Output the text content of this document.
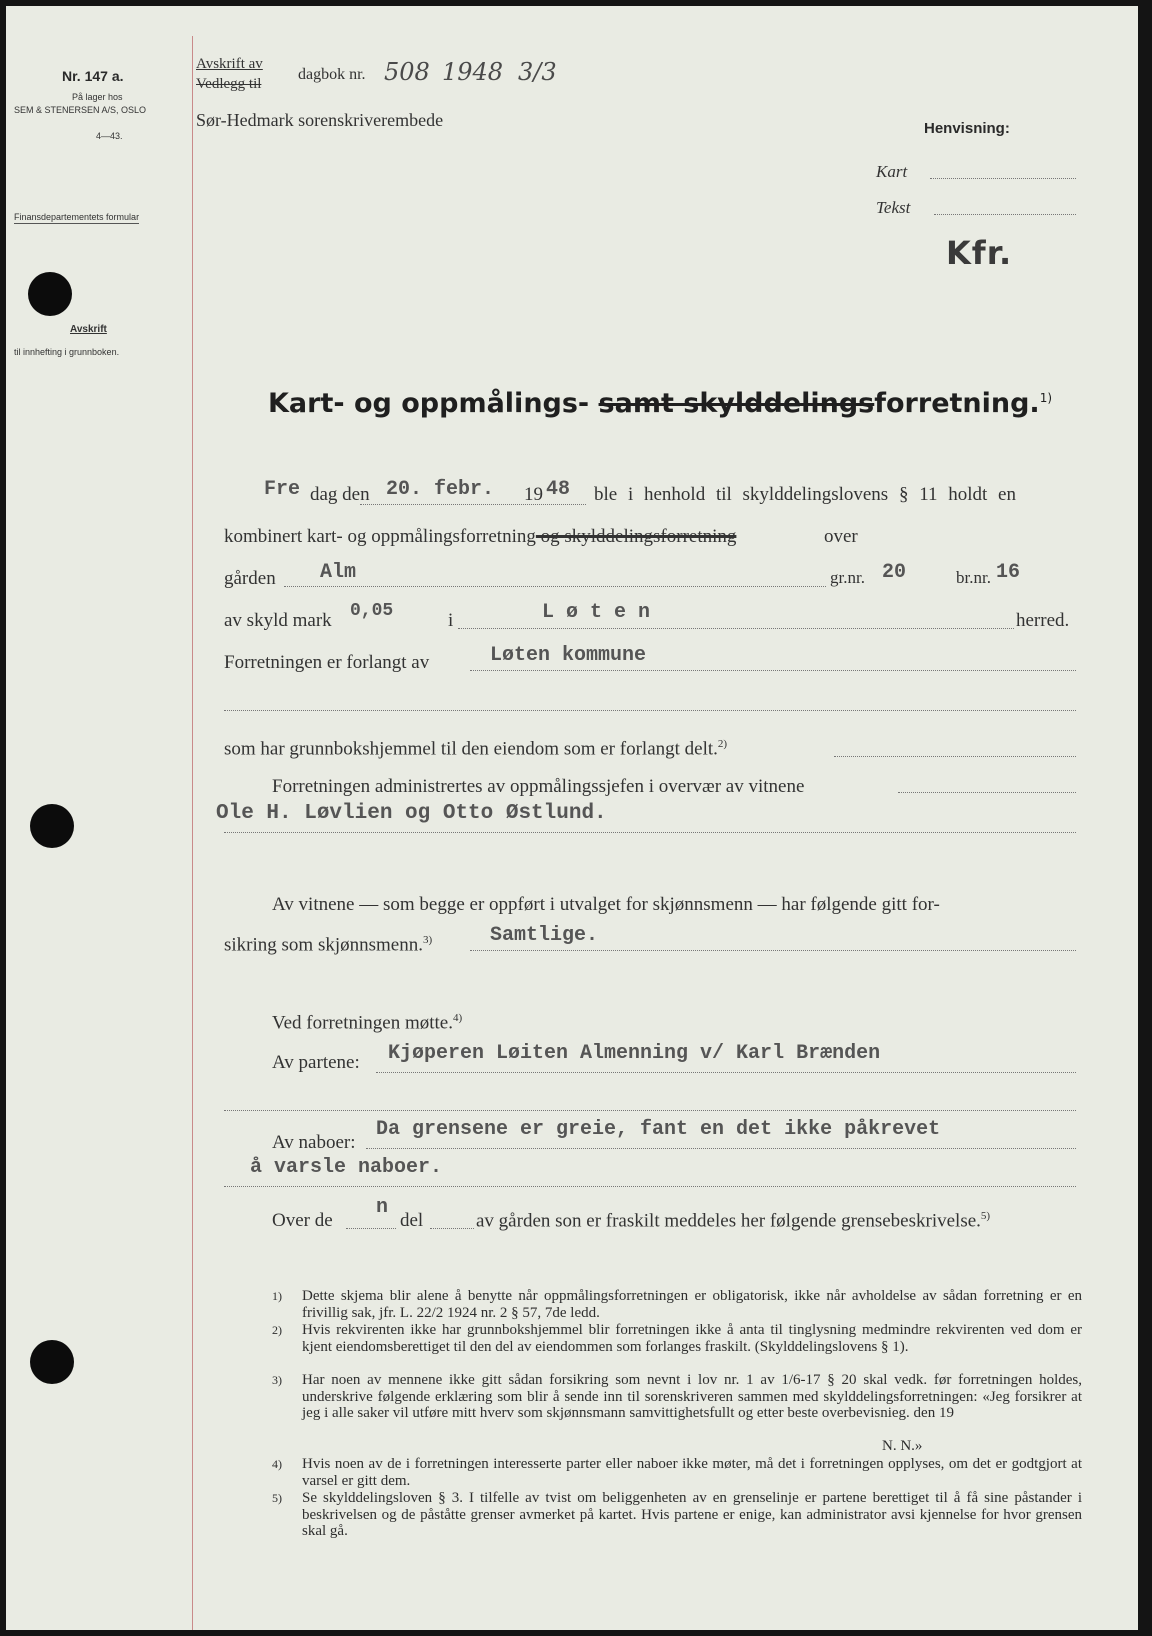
Nr. 147 a.
På lager hos
SEM & STENERSEN A/S, OSLO
4—43.
Finansdepartementets formular
Avskrift
til innhefting i grunnboken.
Avskrift av
Vedlegg til
dagbok nr. 508 1948 3/3
Sør-Hedmark sorenskriverembede	Henvisning:
Kart
Tekst
Kfr.
Kart- og oppmålings- samt skylddelingsforretning.$^{1)}$
Fre dag den 20. febr. 19 48 ble i henhold til skylddelingslovens § 11 holdt en
kombinert kart- og oppmålingsforretning og skylddelingsforretning	over
gården Alm	gr.nr. 20	br.nr. 16
av skyld mark 0,05	i	L ø t e n	herred.
Forretningen er forlangt av	Løten kommune
som har grunnbokshjemmel til den eiendom som er forlangt delt.$^{2)}$
Forretningen administrertes av oppmålingssjefen i overvær av vitnene
Ole H. Løvlien og Otto Østlund.
Av vitnene — som begge er oppført i utvalget for skjønnsmenn — har følgende gitt for-
sikring som skjønnsmenn.$^{3)}$	Samtlige.
Ved forretningen møtte.$^{4)}$
Av partene: Kjøperen Løiten Almenning v/ Karl Brænden
Av naboer:
Da grensene er greie, fant en det ikke påkrevet
å varsle naboer.
Over de
n
del	av gården son er fraskilt meddeles her følgende grensebeskrivelse.$^{5)}$
1) Dette skjema blir alene å benytte når oppmålingsforretningen er obligatorisk, ikke når avholdelse av sådan forretning er en frivillig sak, jfr. L. 22/2 1924 nr. 2 § 57, 7de ledd.
2) Hvis rekvirenten ikke har grunnbokshjemmel blir forretningen ikke å anta til tinglysning medmindre rekvirenten ved dom er kjent eiendomsberettiget til den del av eiendommen som forlanges fraskilt. (Skylddelingslovens § 1).
3) Har noen av mennene ikke gitt sådan forsikring som nevnt i lov nr. 1 av 1/6-17 § 20 skal vedk. før forretningen holdes, underskrive følgende erklæring som blir å sende inn til sorenskriveren sammen med skylddelingsforretningen: «Jeg forsikrer at jeg i alle saker vil utføre mitt hverv som skjønnsmann samvittighetsfullt og etter beste overbevisnieg. den 19
N. N.»
4) Hvis noen av de i forretningen interesserte parter eller naboer ikke møter, må det i forretningen opplyses, om det er godtgjort at varsel er gitt dem.
5) Se skylddelingsloven § 3. I tilfelle av tvist om beliggenheten av en grenselinje er partene berettiget til å få sine påstander i beskrivelsen og de påståtte grenser avmerket på kartet. Hvis partene er enige, kan administrator avsi kjennelse for hvor grensen skal gå.
